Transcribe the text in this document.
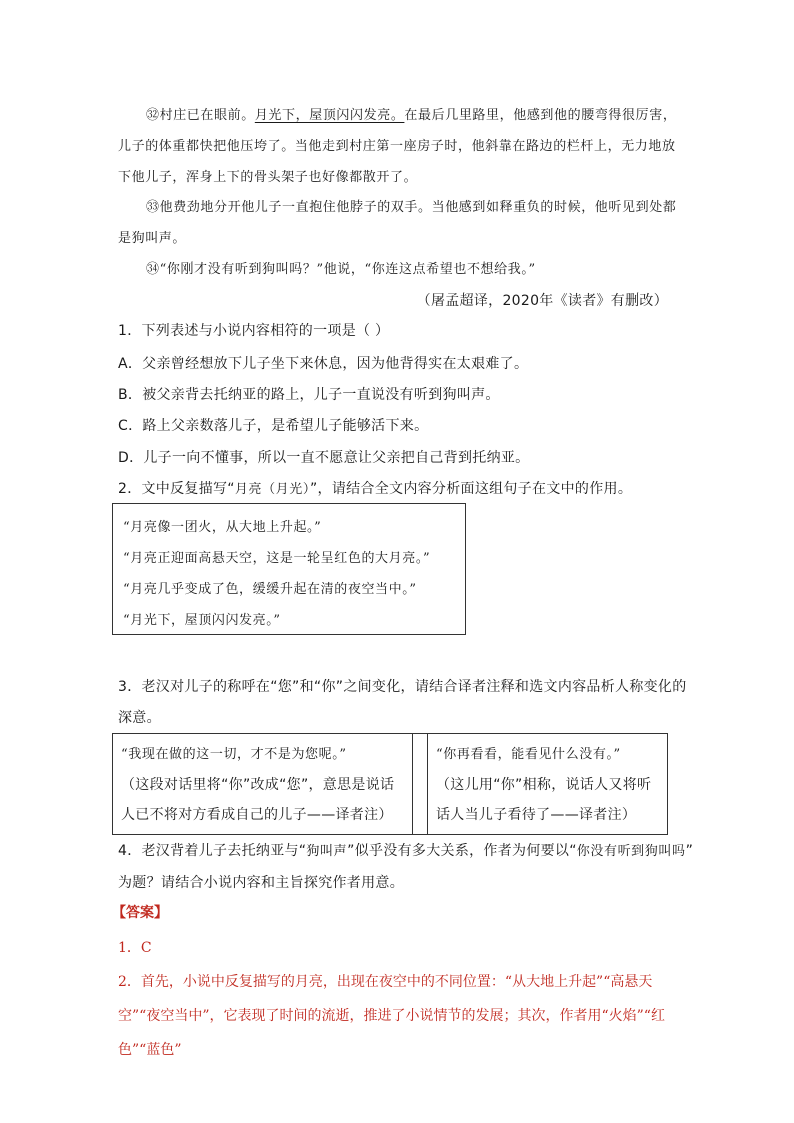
㉜村庄已在眼前。月光下，屋顶闪闪发亮。在最后几里路里，他感到他的腰弯得很厉害，儿子的体重都快把他压垮了。当他走到村庄第一座房子时，他斜靠在路边的栏杆上，无力地放下他儿子，浑身上下的骨头架子也好像都散开了。
㉝他费劲地分开他儿子一直抱住他脖子的双手。当他感到如释重负的时候，他听见到处都是狗叫声。
㉞“你刚才没有听到狗叫吗？”他说，“你连这点希望也不想给我。”
（屠孟超译，2020年《读者》有删改）
1．下列表述与小说内容相符的一项是（ ）
A．父亲曾经想放下儿子坐下来休息，因为他背得实在太艰难了。
B．被父亲背去托纳亚的路上，儿子一直说没有听到狗叫声。
C．路上父亲数落儿子，是希望儿子能够活下来。
D．儿子一向不懂事，所以一直不愿意让父亲把自己背到托纳亚。
2．文中反复描写“月亮（月光）”，请结合全文内容分析面这组句子在文中的作用。
“月亮像一团火，从大地上升起。”
“月亮正迎面高悬天空，这是一轮呈红色的大月亮。”
“月亮几乎变成了色，缓缓升起在清的夜空当中。”
“月光下，屋顶闪闪发亮。”
3．老汉对儿子的称呼在“您”和“你”之间变化，请结合译者注释和选文内容品析人称变化的
深意。
“我现在做的这一切，才不是为您呢。”
（这段对话里将“你”改成“您”，意思是说话人已不将对方看成自己的儿子——译者注）
“你再看看，能看见什么没有。”
（这儿用“你”相称，说话人又将听话人当儿子看待了——译者注）
4．老汉背着儿子去托纳亚与“狗叫声”似乎没有多大关系，作者为何要以“你没有听到狗叫吗”
为题？请结合小说内容和主旨探究作者用意。
【答案】
1．C
2．首先，小说中反复描写的月亮，出现在夜空中的不同位置：“从大地上升起”“高悬天空”“夜空当中”，它表现了时间的流逝，推进了小说情节的发展；其次，作者用“火焰”“红色”“蓝色”
